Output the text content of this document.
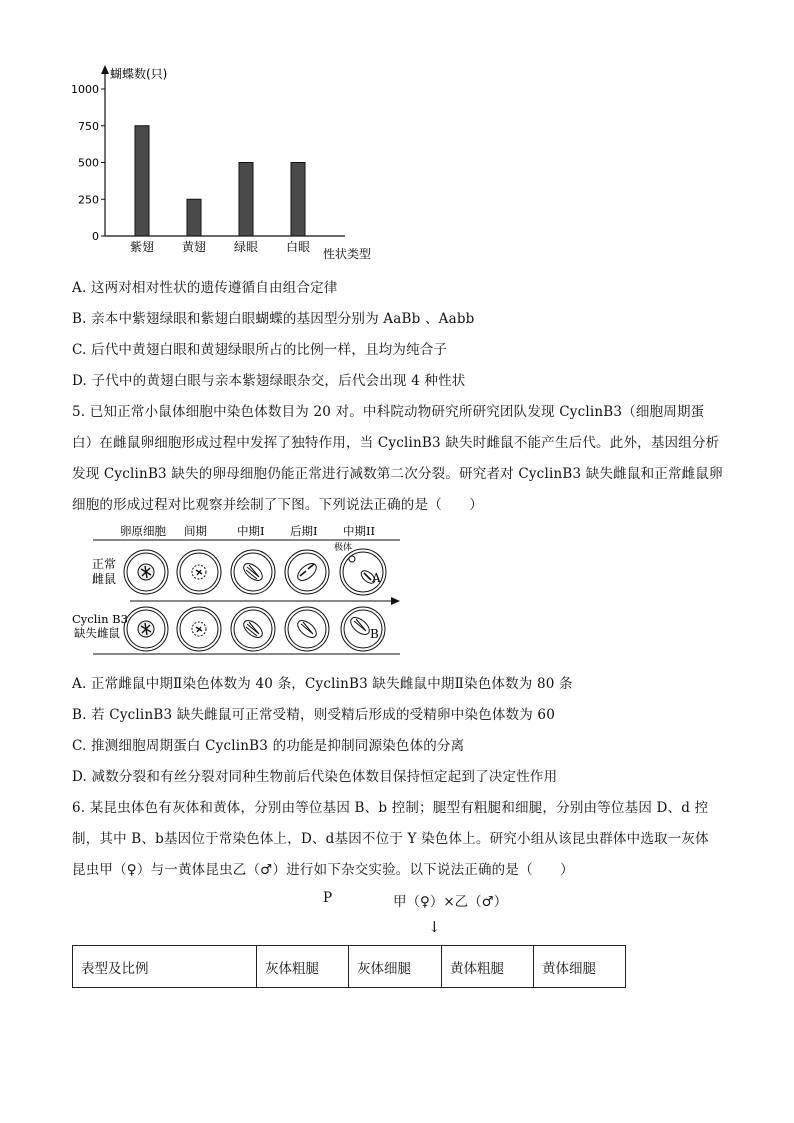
蝴蝶数(只)
性状类型
0
250
500
750
1000
紫翅 黄翅 绿眼 白眼
A. 这两对相对性状的遗传遵循自由组合定律
B. 亲本中紫翅绿眼和紫翅白眼蝴蝶的基因型分别为 AaBb 、Aabb
C. 后代中黄翅白眼和黄翅绿眼所占的比例一样，且均为纯合子
D. 子代中的黄翅白眼与亲本紫翅绿眼杂交，后代会出现 4 种性状
5. 已知正常小鼠体细胞中染色体数目为 20 对。中科院动物研究所研究团队发现 CyclinB3（细胞周期蛋
白）在雌鼠卵细胞形成过程中发挥了独特作用，当 CyclinB3 缺失时雌鼠不能产生后代。此外，基因组分析
发现 CyclinB3 缺失的卵母细胞仍能正常进行减数第二次分裂。研究者对 CyclinB3 缺失雌鼠和正常雌鼠卵
细胞的形成过程对比观察并绘制了下图。下列说法正确的是（　　）
卵原细胞 间期	中期I 后期I 中期II
正常
雌鼠
Cyclin B3
缺失雌鼠
极体
A
B
A. 正常雌鼠中期Ⅱ染色体数为 40 条，CyclinB3 缺失雌鼠中期Ⅱ染色体数为 80 条
B. 若 CyclinB3 缺失雌鼠可正常受精，则受精后形成的受精卵中染色体数为 60
C. 推测细胞周期蛋白 CyclinB3 的功能是抑制同源染色体的分离
D. 减数分裂和有丝分裂对同种生物前后代染色体数目保持恒定起到了决定性作用
6. 某昆虫体色有灰体和黄体，分别由等位基因 B、b 控制；腿型有粗腿和细腿，分别由等位基因 D、d 控
制，其中 B、b基因位于常染色体上，D、d基因不位于 Y 染色体上。研究小组从该昆虫群体中选取一灰体
昆虫甲（♀）与一黄体昆虫乙（♂）进行如下杂交实验。以下说法正确的是（　　）
P	甲（♀）×乙（♂）
↓
表型及比例	灰体粗腿	灰体细腿	黄体粗腿	黄体细腿
